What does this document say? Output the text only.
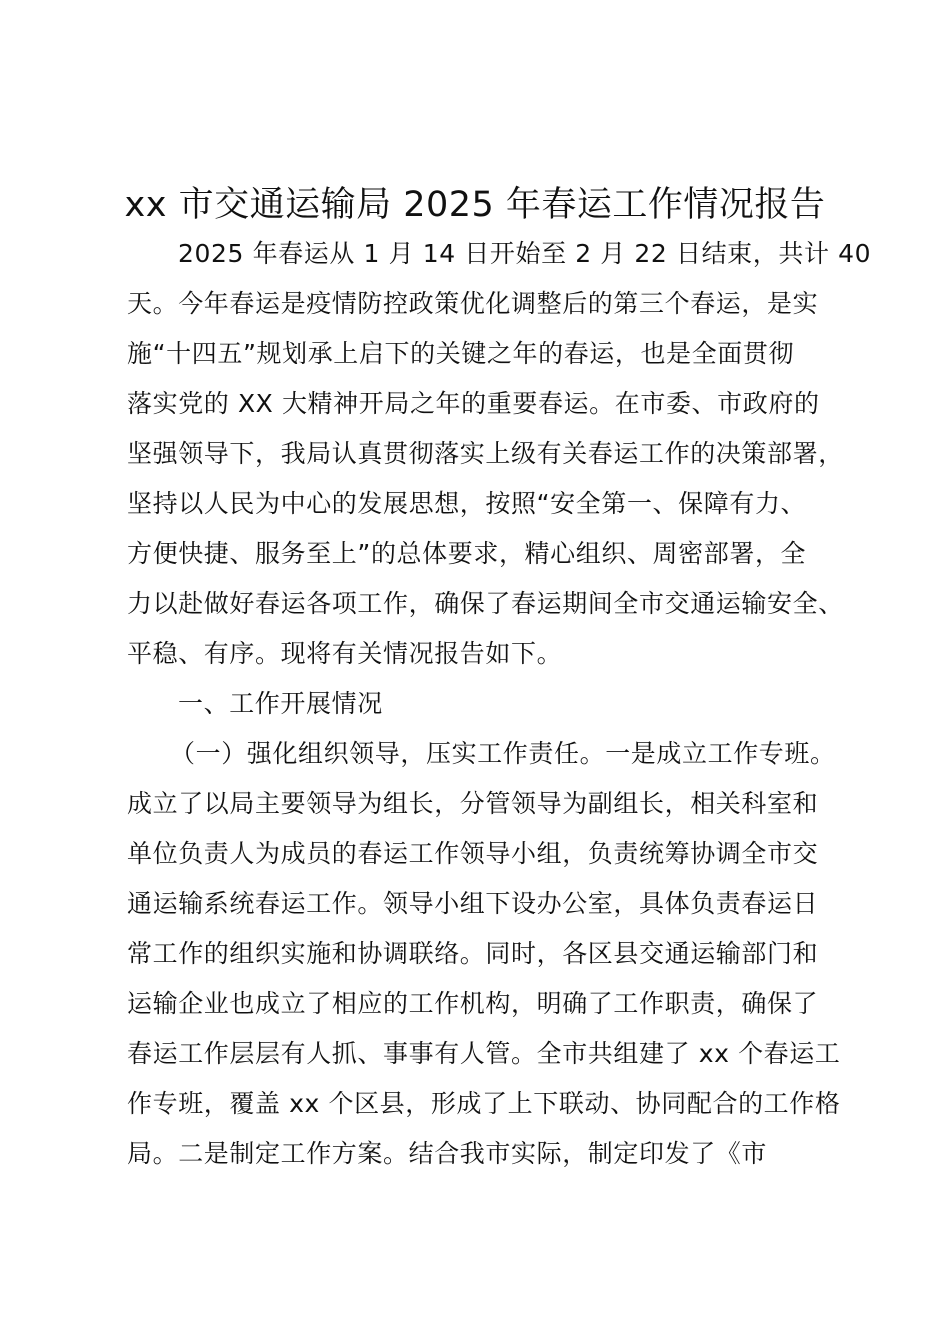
xx 市交通运输局 2025 年春运工作情况报告
2025 年春运从 1 月 14 日开始至 2 月 22 日结束，共计 40
天。今年春运是疫情防控政策优化调整后的第三个春运，是实
施“十四五”规划承上启下的关键之年的春运，也是全面贯彻
落实党的 XX 大精神开局之年的重要春运。在市委、市政府的
坚强领导下，我局认真贯彻落实上级有关春运工作的决策部署，
坚持以人民为中心的发展思想，按照“安全第一、保障有力、
方便快捷、服务至上”的总体要求，精心组织、周密部署，全
力以赴做好春运各项工作，确保了春运期间全市交通运输安全、
平稳、有序。现将有关情况报告如下。
一、工作开展情况
（一）强化组织领导，压实工作责任。一是成立工作专班。
成立了以局主要领导为组长，分管领导为副组长，相关科室和
单位负责人为成员的春运工作领导小组，负责统筹协调全市交
通运输系统春运工作。领导小组下设办公室，具体负责春运日
常工作的组织实施和协调联络。同时，各区县交通运输部门和
运输企业也成立了相应的工作机构，明确了工作职责，确保了
春运工作层层有人抓、事事有人管。全市共组建了 xx 个春运工
作专班，覆盖 xx 个区县，形成了上下联动、协同配合的工作格
局。二是制定工作方案。结合我市实际，制定印发了《市
